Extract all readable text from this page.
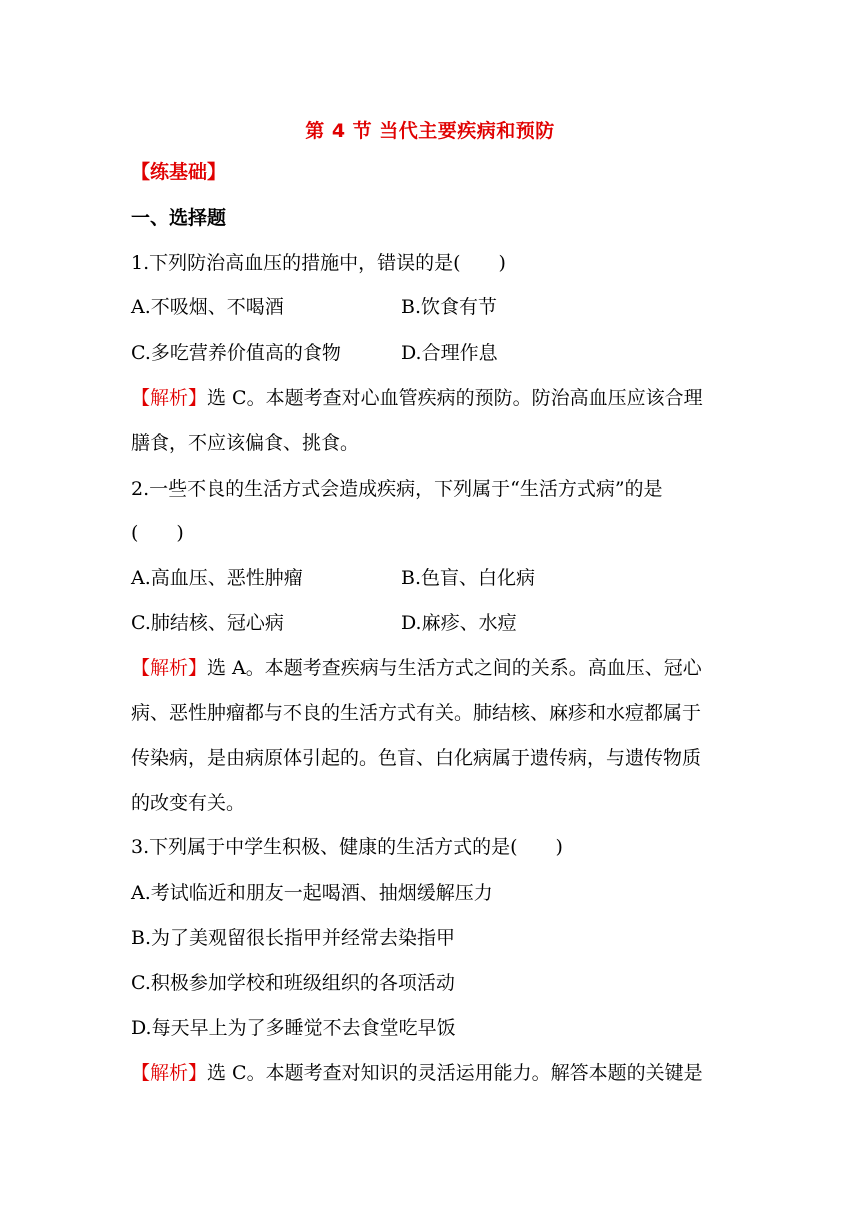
第 4 节 当代主要疾病和预防
【练基础】
一、选择题
1.下列防治高血压的措施中，错误的是(　　)
A.不吸烟、不喝酒	B.饮食有节
C.多吃营养价值高的食物	D.合理作息
【解析】选 C。本题考查对心血管疾病的预防。防治高血压应该合理
膳食，不应该偏食、挑食。
2.一些不良的生活方式会造成疾病，下列属于“生活方式病”的是
(　　)
A.高血压、恶性肿瘤	B.色盲、白化病
C.肺结核、冠心病	D.麻疹、水痘
【解析】选 A。本题考查疾病与生活方式之间的关系。高血压、冠心
病、恶性肿瘤都与不良的生活方式有关。肺结核、麻疹和水痘都属于
传染病，是由病原体引起的。色盲、白化病属于遗传病，与遗传物质
的改变有关。
3.下列属于中学生积极、健康的生活方式的是(　　)
A.考试临近和朋友一起喝酒、抽烟缓解压力
B.为了美观留很长指甲并经常去染指甲
C.积极参加学校和班级组织的各项活动
D.每天早上为了多睡觉不去食堂吃早饭
【解析】选 C。本题考查对知识的灵活运用能力。解答本题的关键是
